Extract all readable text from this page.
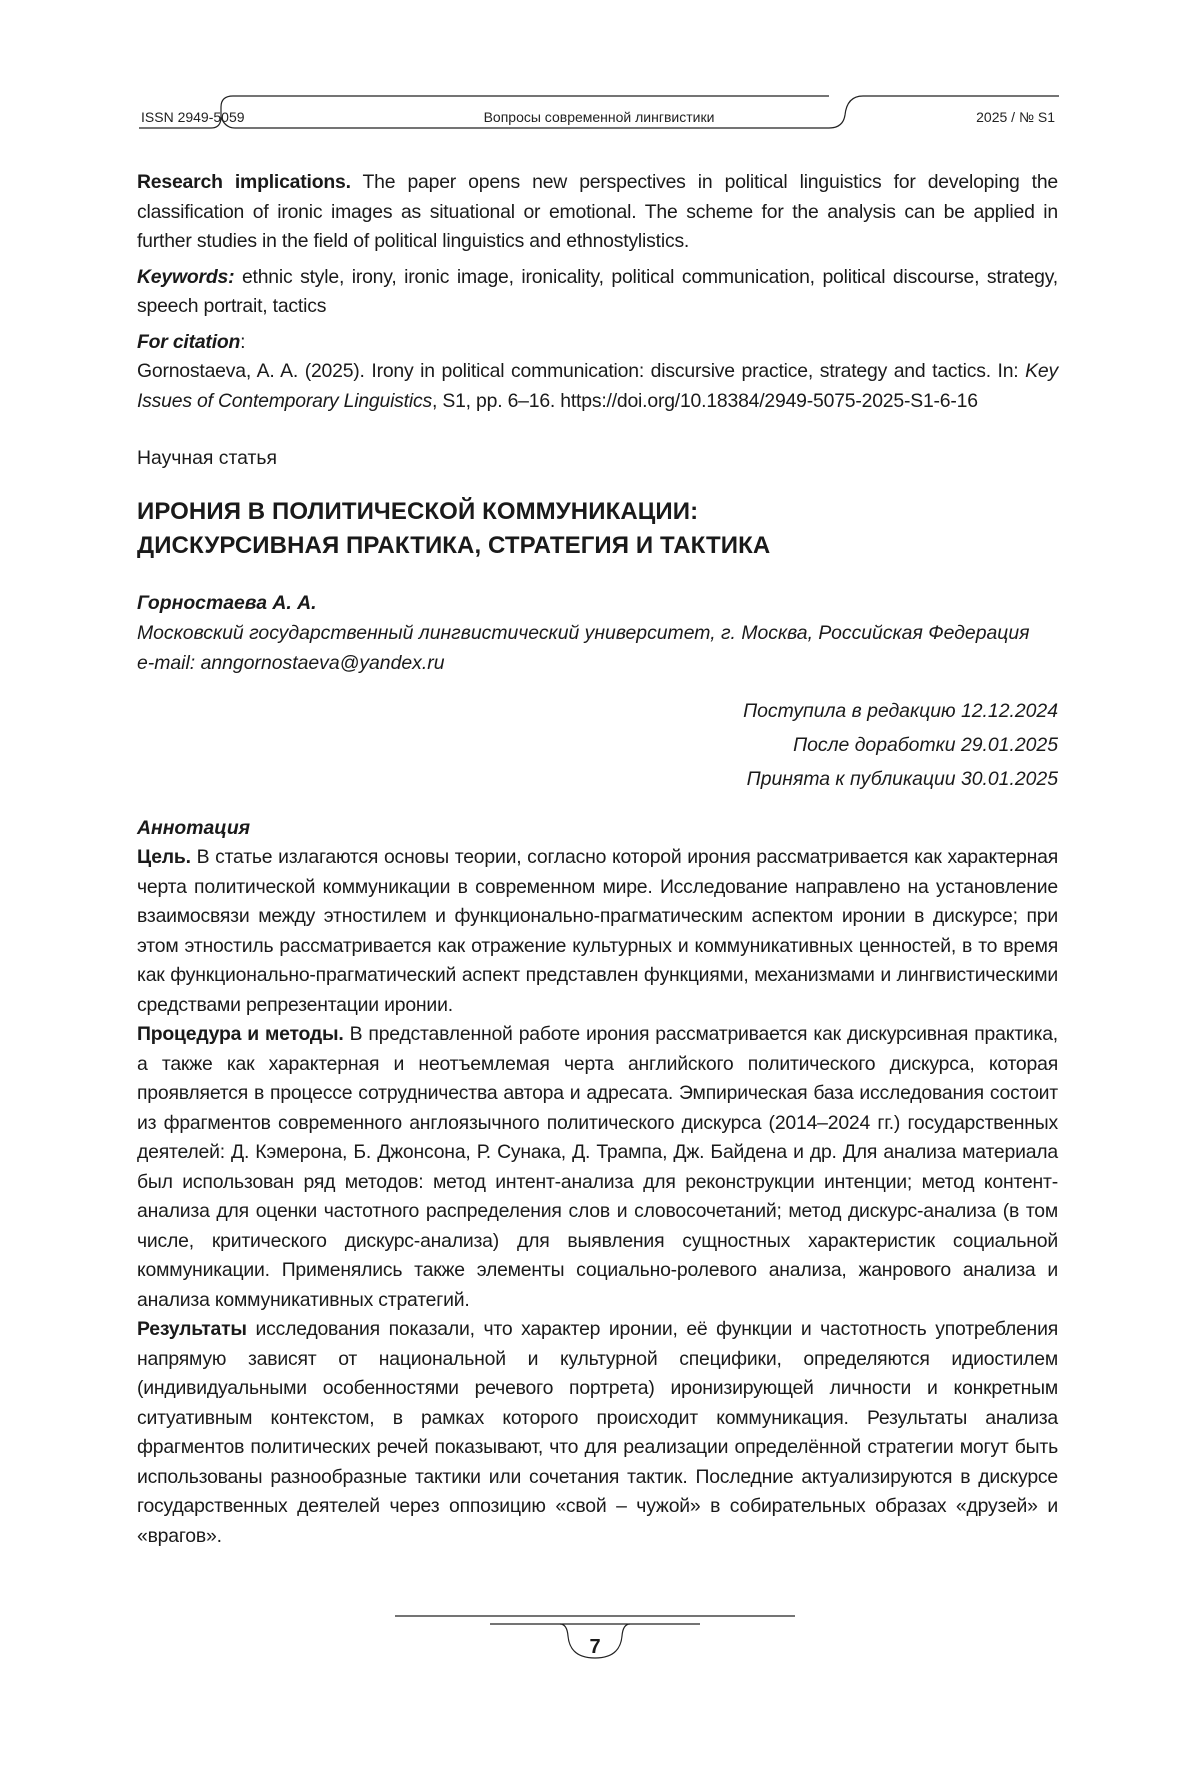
ISSN 2949-5059	Вопросы современной лингвистики	2025 / № S1

Research implications. The paper opens new perspectives in political linguistics for developing the classification of ironic images as situational or emotional. The scheme for the analysis can be applied in further studies in the field of political linguistics and ethnostylistics.

Keywords: ethnic style, irony, ironic image, ironicality, political communication, political discourse, strategy, speech portrait, tactics

For citation:

Gornostaeva, A. A. (2025). Irony in political communication: discursive practice, strategy and tactics. In: Key Issues of Contemporary Linguistics, S1, pp. 6–16. https://doi.org/10.18384/2949-5075-2025-S1-6-16

Научная статья
ИРОНИЯ В ПОЛИТИЧЕСКОЙ КОММУНИКАЦИИ:
ДИСКУРСИВНАЯ ПРАКТИКА, СТРАТЕГИЯ И ТАКТИКА
Горностаева А. А.
Московский государственный лингвистический университет, г. Москва, Российская Федерация
e-mail: anngornostaeva@yandex.ru
Поступила в редакцию 12.12.2024
После доработки 29.01.2025
Принята к публикации 30.01.2025
Аннотация

Цель. В статье излагаются основы теории, согласно которой ирония рассматривается как характерная черта политической коммуникации в современном мире. Исследование направлено на установление взаимосвязи между этностилем и функционально-прагматическим аспектом иронии в дискурсе; при этом этностиль рассматривается как отражение культурных и коммуникативных ценностей, в то время как функционально-прагматический аспект представлен функциями, механизмами и лингвистическими средствами репрезентации иронии.

Процедура и методы. В представленной работе ирония рассматривается как дискурсивная практика, а также как характерная и неотъемлемая черта английского политического дискурса, которая проявляется в процессе сотрудничества автора и адресата. Эмпирическая база исследования состоит из фрагментов современного англоязычного политического дискурса (2014–2024 гг.) государственных деятелей: Д. Кэмерона, Б. Джонсона, Р. Сунака, Д. Трампа, Дж. Байдена и др. Для анализа материала был использован ряд методов: метод интент-анализа для реконструкции интенции; метод контент-анализа для оценки частотного распределения слов и словосочетаний; метод дискурс-анализа (в том числе, критического дискурс-анализа) для выявления сущностных характеристик социальной коммуникации. Применялись также элементы социально-ролевого анализа, жанрового анализа и анализа коммуникативных стратегий.

Результаты исследования показали, что характер иронии, её функции и частотность употребления напрямую зависят от национальной и культурной специфики, определяются идиостилем (индивидуальными особенностями речевого портрета) иронизирующей личности и конкретным ситуативным контекстом, в рамках которого происходит коммуникация. Результаты анализа фрагментов политических речей показывают, что для реализации определённой стратегии могут быть использованы разнообразные тактики или сочетания тактик. Последние актуализируются в дискурсе государственных деятелей через оппозицию «свой – чужой» в собирательных образах «друзей» и «врагов».

7
